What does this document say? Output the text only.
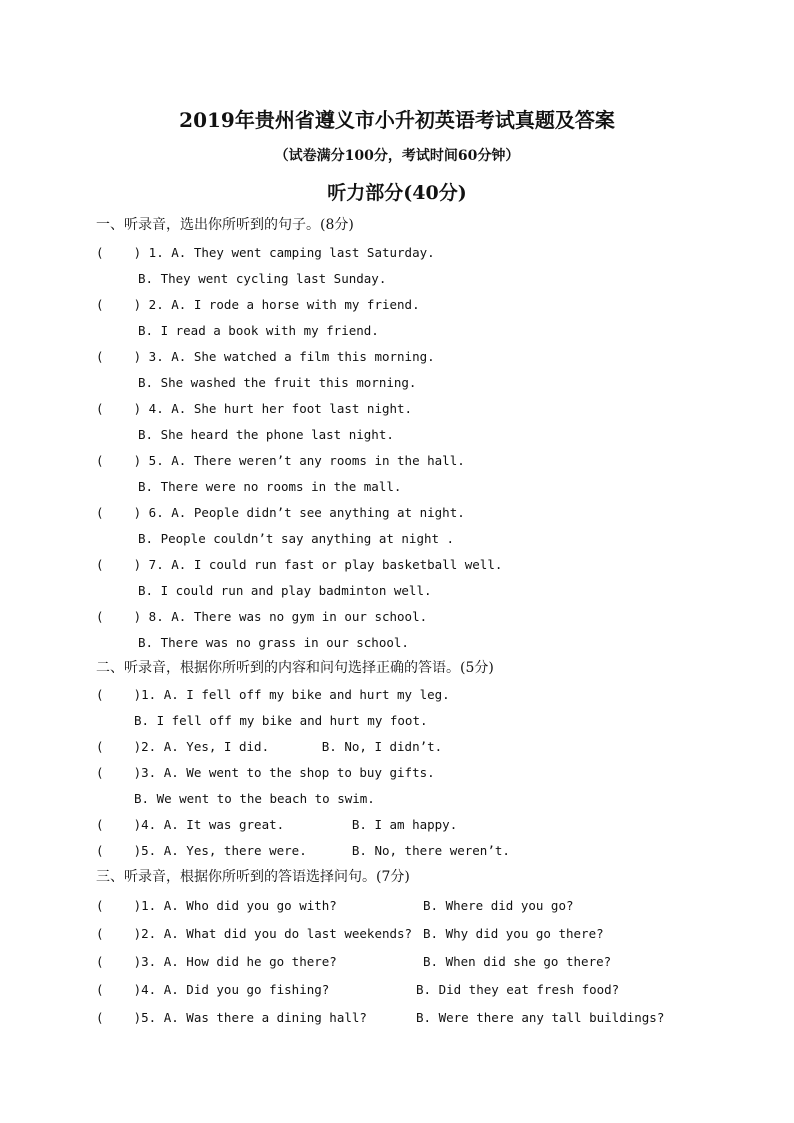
2019年贵州省遵义市小升初英语考试真题及答案
（试卷满分100分，考试时间60分钟）
听力部分(40分)
一、听录音，选出你所听到的句子。(8分)
(    ) 1. A. They went camping last Saturday.
B. They went cycling last Sunday.
(    ) 2. A. I rode a horse with my friend.
B. I read a book with my friend.
(    ) 3. A. She watched a film this morning.
B. She washed the fruit this morning.
(    ) 4. A. She hurt her foot last night.
B. She heard the phone last night.
(    ) 5. A. There weren’t any rooms in the hall.
B. There were no rooms in the mall.
(    ) 6. A. People didn’t see anything at night.
B. People couldn’t say anything at night .
(    ) 7. A. I could run fast or play basketball well.
B. I could run and play badminton well.
(    ) 8. A. There was no gym in our school.
B. There was no grass in our school.
二、听录音，根据你所听到的内容和问句选择正确的答语。(5分)
(    )1. A. I fell off my bike and hurt my leg.
B. I fell off my bike and hurt my foot.
(    )2. A. Yes, I did.       B. No, I didn’t.
(    )3. A. We went to the shop to buy gifts.
B. We went to the beach to swim.
(    )4. A. It was great.         B. I am happy.
(    )5. A. Yes, there were.      B. No, there weren’t.
三、听录音，根据你所听到的答语选择问句。(7分)
(    )1. A. Who did you go with?	B. Where did you go?
(    )2. A. What did you do last weekends? B. Why did you go there?
(    )3. A. How did he go there?	B. When did she go there?
(    )4. A. Did you go fishing?	B. Did they eat fresh food?
(    )5. A. Was there a dining hall?	B. Were there any tall buildings?
